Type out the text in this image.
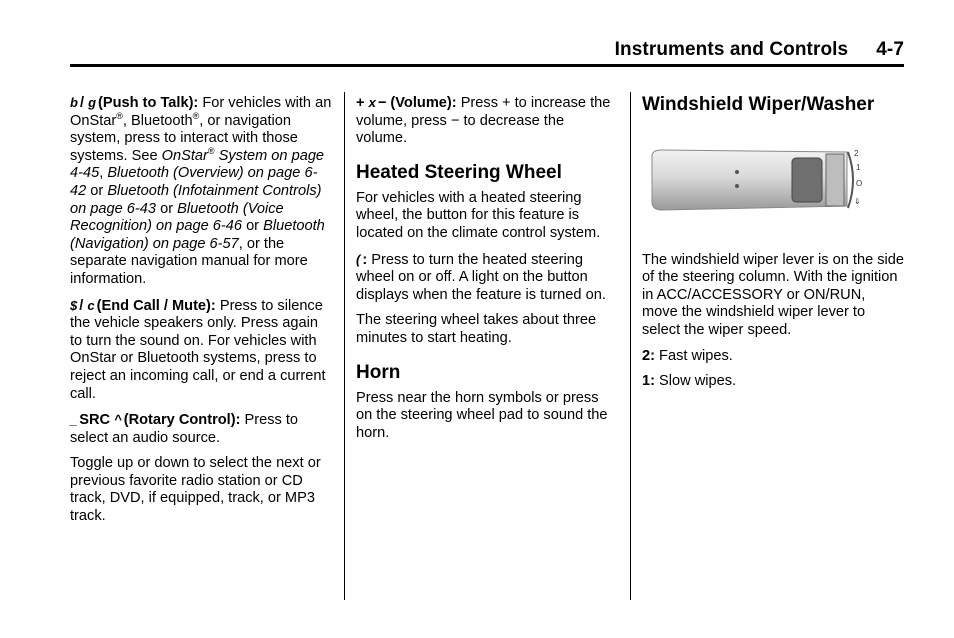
Instruments and Controls 4-7

b / g (Push to Talk): For vehicles with an OnStar®, Bluetooth®, or navigation system, press to interact with those systems. See OnStar® System on page 4-45, Bluetooth (Overview) on page 6-42 or Bluetooth (Infotainment Controls) on page 6-43 or Bluetooth (Voice Recognition) on page 6-46 or Bluetooth (Navigation) on page 6-57, or the separate navigation manual for more information.

$ / c (End Call / Mute): Press to silence the vehicle speakers only. Press again to turn the sound on. For vehicles with OnStar or Bluetooth systems, press to reject an incoming call, or end a current call.

_ SRC ^ (Rotary Control): Press to select an audio source.

Toggle up or down to select the next or previous favorite radio station or CD track, DVD, if equipped, track, or MP3 track.

+ x − (Volume): Press + to increase the volume, press − to decrease the volume.

Heated Steering Wheel

For vehicles with a heated steering wheel, the button for this feature is located on the climate control system.

( : Press to turn the heated steering wheel on or off. A light on the button displays when the feature is turned on.

The steering wheel takes about three minutes to start heating.

Horn

Press near the horn symbols or press on the steering wheel pad to sound the horn.

Windshield Wiper/Washer
2
1
O
⇓

The windshield wiper lever is on the side of the steering column. With the ignition in ACC/ACCESSORY or ON/RUN, move the windshield wiper lever to select the wiper speed.

2: Fast wipes.

1: Slow wipes.
